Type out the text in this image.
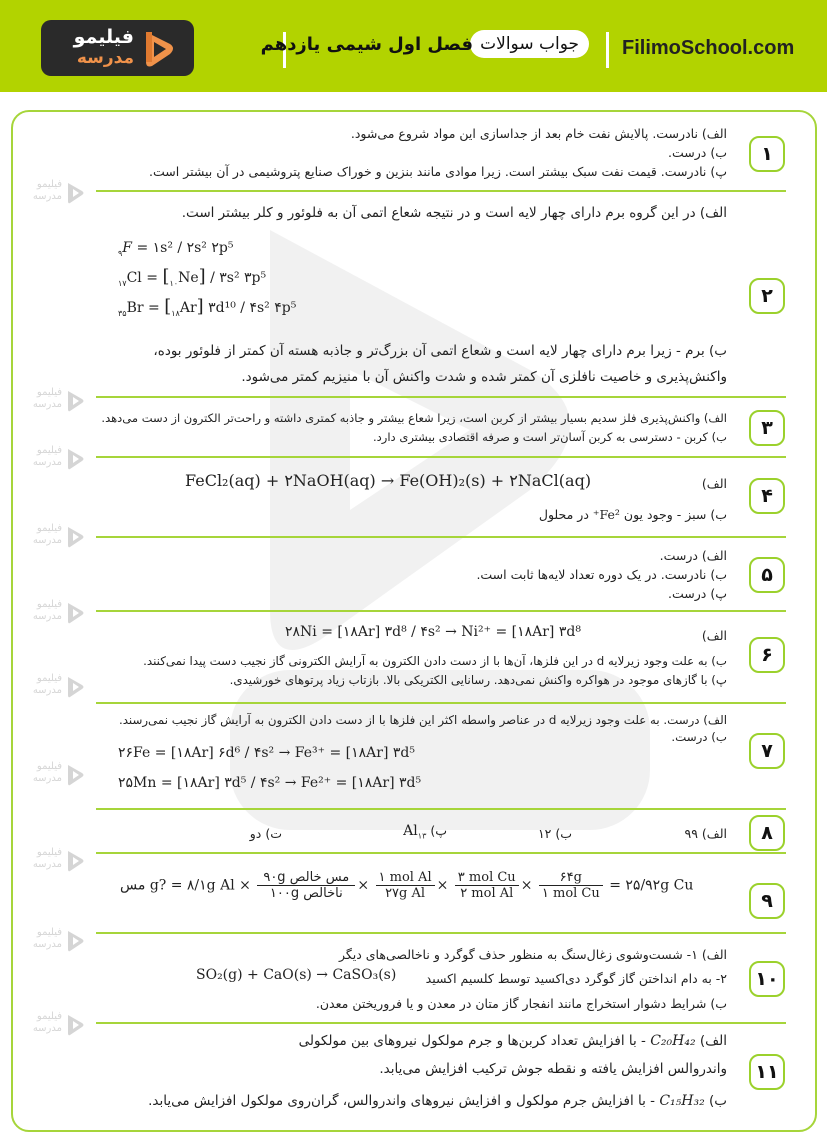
فیلیمو
مدرسه
جواب سوالات
فصل اول شیمی یازدهم	FilimoSchool.com
فیلیمو
مدرسه
فیلیمو
مدرسه
فیلیمو
مدرسه
فیلیمو
مدرسه
فیلیمو
مدرسه
فیلیمو
مدرسه
فیلیمو
مدرسه
فیلیمو
مدرسه
فیلیمو
مدرسه
فیلیمو
مدرسه
۱
الف) نادرست. پالایش نفت خام بعد از جداسازی این مواد شروع می‌شود.
ب) درست.
پ) نادرست. قیمت نفت سبک بیشتر است. زیرا موادی مانند بنزین و خوراک صنایع پتروشیمی در آن بیشتر است.
۲
الف) در این گروه برم دارای چهار لایه است و در نتیجه شعاع اتمی آن به فلوئور و کلر بیشتر است.
$_۹$F = ۱s² / ۲s² ۲p⁵
$_{۱۷}Cl = [_{۱۰}Ne]$ / ۳s² ۳p⁵
$_{۳۵}Br = [_{۱۸}Ar]$ ۳d¹⁰ / ۴s² ۴p⁵
ب) برم - زیرا برم دارای چهار لایه است و شعاع اتمی آن بزرگ‌تر و جاذبه هسته آن کمتر از فلوئور بوده،
واکنش‌پذیری و خاصیت نافلزی آن کمتر شده و شدت واکنش آن با منیزیم کمتر می‌شود.
۳
الف) واکنش‌پذیری فلز سدیم بسیار بیشتر از کربن است، زیرا شعاع بیشتر و جاذبه کمتری داشته و راحت‌تر الکترون از دست می‌دهد.
ب) کربن - دسترسی به کربن آسان‌تر است و صرفه اقتصادی بیشتری دارد.
۴
الف)
FeCl₂(aq) + ۲NaOH(aq) → Fe(OH)₂(s) + ۲NaCl(aq)
ب) سبز - وجود یون Fe²⁺ در محلول
۵
الف) درست.
ب) نادرست. در یک دوره تعداد لایه‌ها ثابت است.
پ) درست.
۶
الف)
۲۸Ni = [۱۸Ar] ۳d⁸ / ۴s² → Ni²⁺ = [۱۸Ar] ۳d⁸
ب) به علت وجود زیرلایه d در این فلزها، آن‌ها با از دست دادن الکترون به آرایش الکترونی گاز نجیب دست پیدا نمی‌کنند.
پ) با گازهای موجود در هواکره واکنش نمی‌دهد. رسانایی الکتریکی بالا. بازتاب زیاد پرتوهای خورشیدی.
۷
الف) درست. به علت وجود زیرلایه d در عناصر واسطه اکثر این فلزها با از دست دادن الکترون به آرایش گاز نجیب نمی‌رسند.
ب) درست.
۲۶Fe = [۱۸Ar] ۶d⁶ / ۴s² → Fe³⁺ = [۱۸Ar] ۳d⁵
۲۵Mn = [۱۸Ar] ۳d⁵ / ۴s² → Fe²⁺ = [۱۸Ar] ۳d⁵
۸
الف) ۹۹
ب) ۱۲
پ) $Al_{۱۳}$
ت) دو
۹
مس g? = ۸/۱g $Al \times \frac{\text{۹۰g مس خالص}}{\text{۱۰۰g ناخالص}} \times \frac{\text{۱ mol Al}}{\text{۲۷g Al}} \times \frac{\text{۳ mol Cu}}{\text{۲ mol Al}} \times \frac{۶۴g}{\text{۱ mol Cu}}$ = ۲۵/۹۲g Cu
۱۰
الف) ۱- شست‌وشوی زغال‌سنگ به منظور حذف گوگرد و ناخالصی‌های دیگر
۲- به دام انداختن گاز گوگرد دی‌اکسید توسط کلسیم اکسید
SO₂(g) + CaO(s) → CaSO₃(s)
ب) شرایط دشوار استخراج مانند انفجار گاز متان در معدن و یا فروریختن معدن.
۱۱
الف) C₂₀H₄₂ - با افزایش تعداد کربن‌ها و جرم مولکول نیروهای بین مولکولی
واندروالس افزایش یافته و نقطه جوش ترکیب افزایش می‌یابد.
ب) C₁₅H₃₂ - با افزایش جرم مولکول و افزایش نیروهای واندروالس، گران‌روی مولکول افزایش می‌یابد.
